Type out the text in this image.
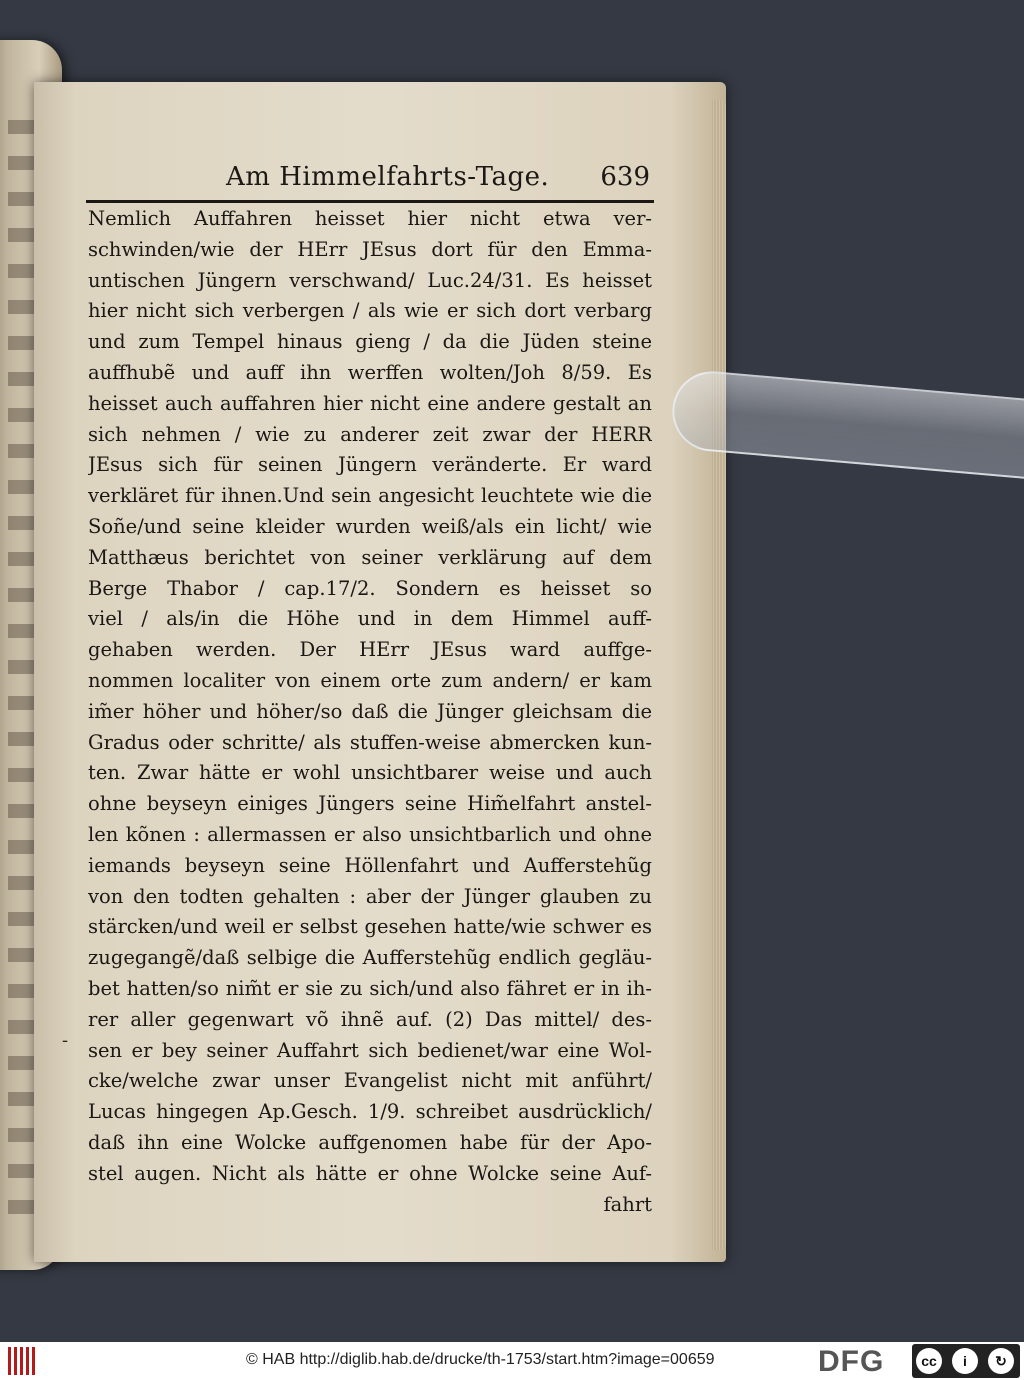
Am Himmelfahrts-Tage. 639
Nemlich Auffahren heisset hier nicht etwa ver-
schwinden/wie der HErr JEsus dort für den Emma-
untischen Jüngern verschwand/ Luc.24/31. Es heisset
hier nicht sich verbergen / als wie er sich dort verbarg
und zum Tempel hinaus gieng / da die Jüden steine
auffhubẽ und auff ihn werffen wolten/Joh 8/59. Es
heisset auch auffahren hier nicht eine andere gestalt an
sich nehmen / wie zu anderer zeit zwar der HERR
JEsus sich für seinen Jüngern veränderte. Er ward
verkläret für ihnen.Und sein angesicht leuchtete wie die
Soñe/und seine kleider wurden weiß/als ein licht/ wie
Matthæus berichtet von seiner verklärung auf dem
Berge Thabor / cap.17/2. Sondern es heisset so
viel / als/in die Höhe und in dem Himmel auff-
gehaben werden. Der HErr JEsus ward auffge-
nommen localiter von einem orte zum andern/ er kam
im̃er höher und höher/so daß die Jünger gleichsam die
Gradus oder schritte/ als stuffen-weise abmercken kun-
ten. Zwar hätte er wohl unsichtbarer weise und auch
ohne beyseyn einiges Jüngers seine Him̃elfahrt anstel-
len kõnen : allermassen er also unsichtbarlich und ohne
iemands beyseyn seine Höllenfahrt und Aufferstehũg
von den todten gehalten : aber der Jünger glauben zu
stärcken/und weil er selbst gesehen hatte/wie schwer es
zugegangẽ/daß selbige die Aufferstehũg endlich gegläu-
bet hatten/so nim̃t er sie zu sich/und also fähret er in ih-
rer aller gegenwart võ ihnẽ auf. (2) Das mittel/ des-
sen er bey seiner Auffahrt sich bedienet/war eine Wol-
cke/welche zwar unser Evangelist nicht mit anführt/
Lucas hingegen Ap.Gesch. 1/9. schreibet ausdrücklich/
daß ihn eine Wolcke auffgenomen habe für der Apo-
stel augen. Nicht als hätte er ohne Wolcke seine Auf-
fahrt
-
© HAB http://diglib.hab.de/drucke/th-1753/start.htm?image=00659	DFG	cc	i	↻
